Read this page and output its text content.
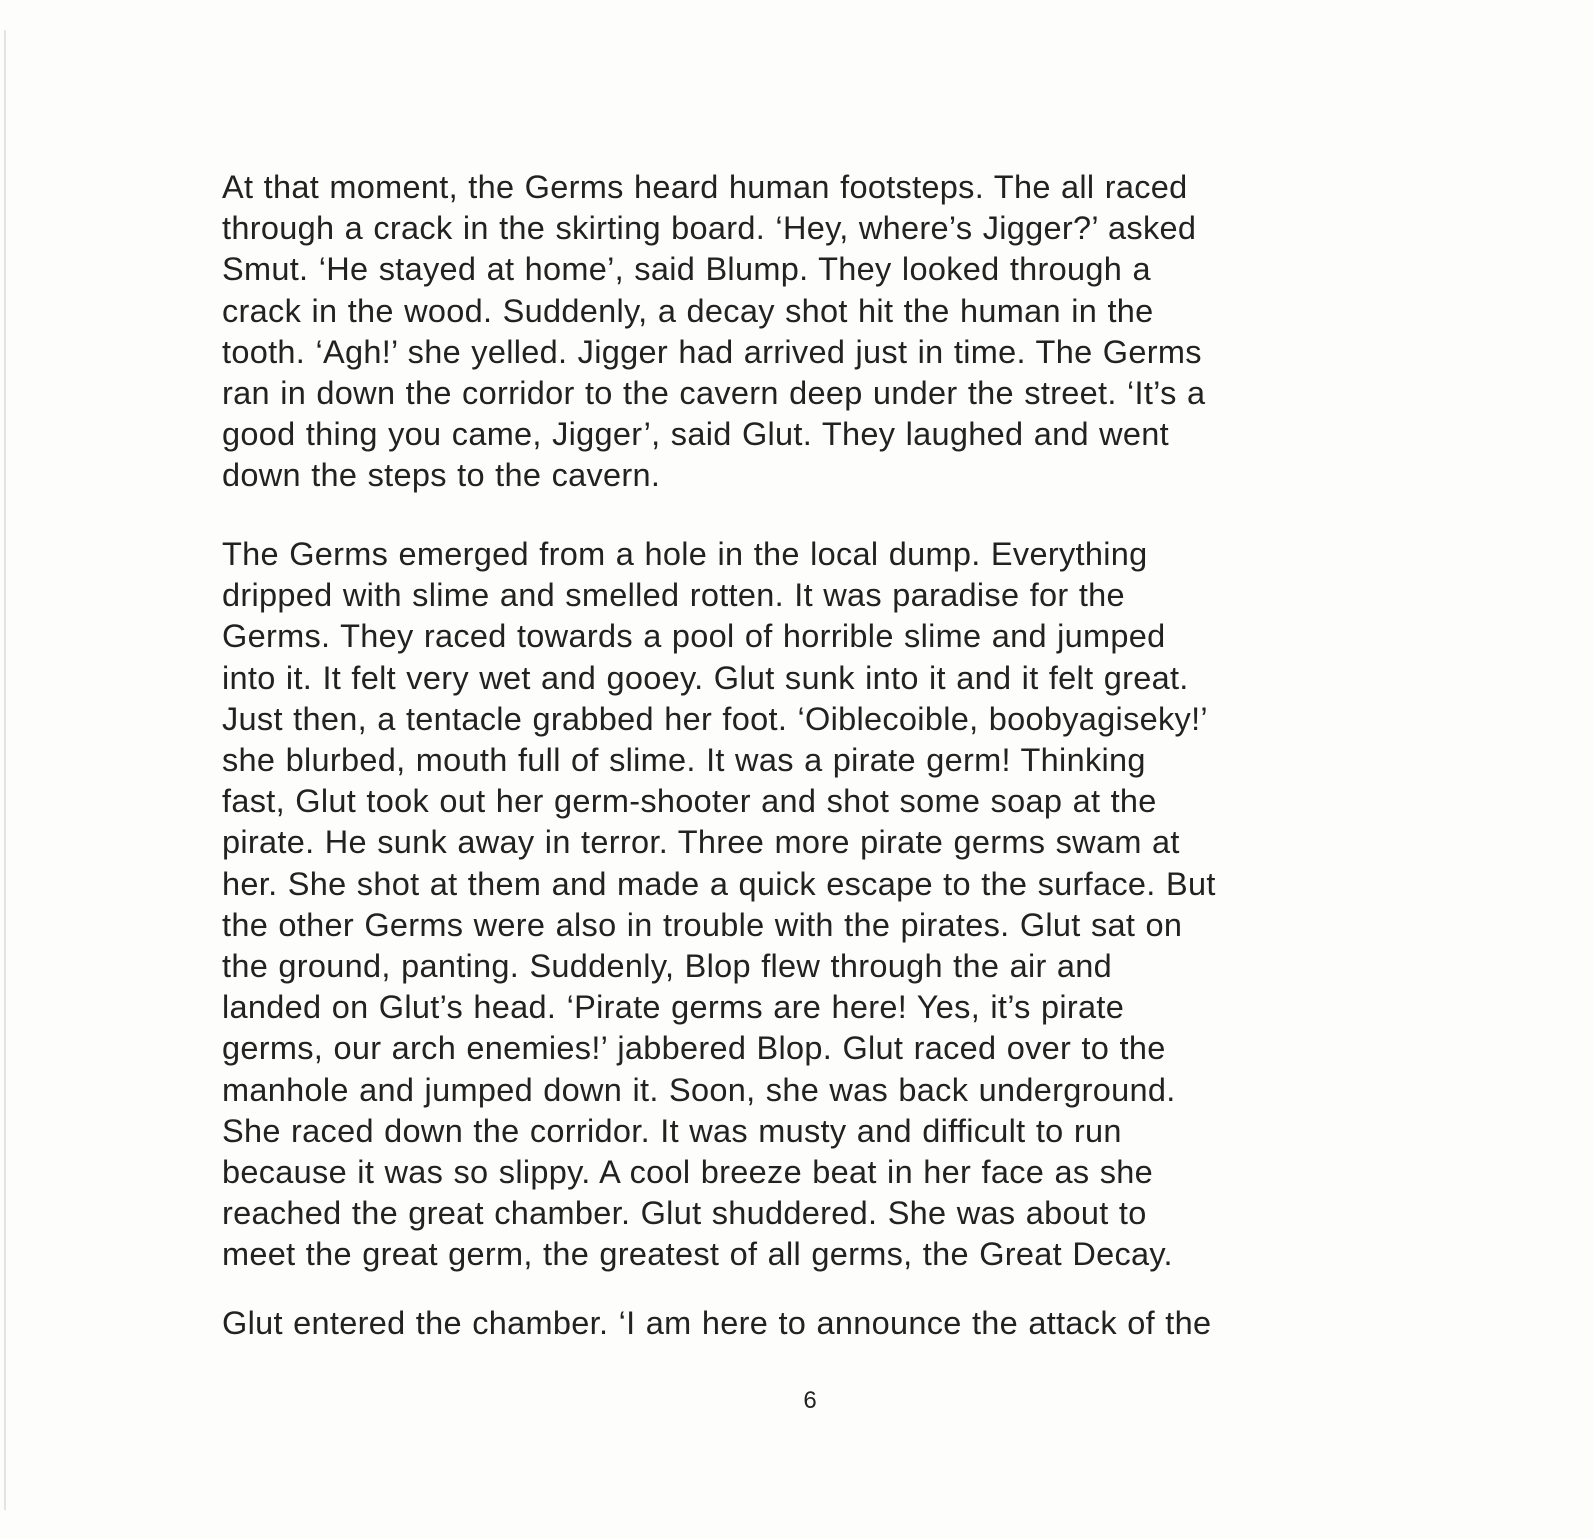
At that moment, the Germs heard human footsteps. The all raced
through a crack in the skirting board. ‘Hey, where’s Jigger?’ asked
Smut. ‘He stayed at home’, said Blump. They looked through a
crack in the wood. Suddenly, a decay shot hit the human in the
tooth. ‘Agh!’ she yelled. Jigger had arrived just in time. The Germs
ran in down the corridor to the cavern deep under the street. ‘It’s a
good thing you came, Jigger’, said Glut. They laughed and went
down the steps to the cavern.
The Germs emerged from a hole in the local dump. Everything
dripped with slime and smelled rotten. It was paradise for the
Germs. They raced towards a pool of horrible slime and jumped
into it. It felt very wet and gooey. Glut sunk into it and it felt great.
Just then, a tentacle grabbed her foot. ‘Oiblecoible, boobyagiseky!’
she blurbed, mouth full of slime. It was a pirate germ! Thinking
fast, Glut took out her germ-shooter and shot some soap at the
pirate. He sunk away in terror. Three more pirate germs swam at
her. She shot at them and made a quick escape to the surface. But
the other Germs were also in trouble with the pirates. Glut sat on
the ground, panting. Suddenly, Blop flew through the air and
landed on Glut’s head. ‘Pirate germs are here! Yes, it’s pirate
germs, our arch enemies!’ jabbered Blop. Glut raced over to the
manhole and jumped down it. Soon, she was back underground.
She raced down the corridor. It was musty and difficult to run
because it was so slippy. A cool breeze beat in her face as she
reached the great chamber. Glut shuddered. She was about to
meet the great germ, the greatest of all germs, the Great Decay.
Glut entered the chamber. ‘I am here to announce the attack of the
6
